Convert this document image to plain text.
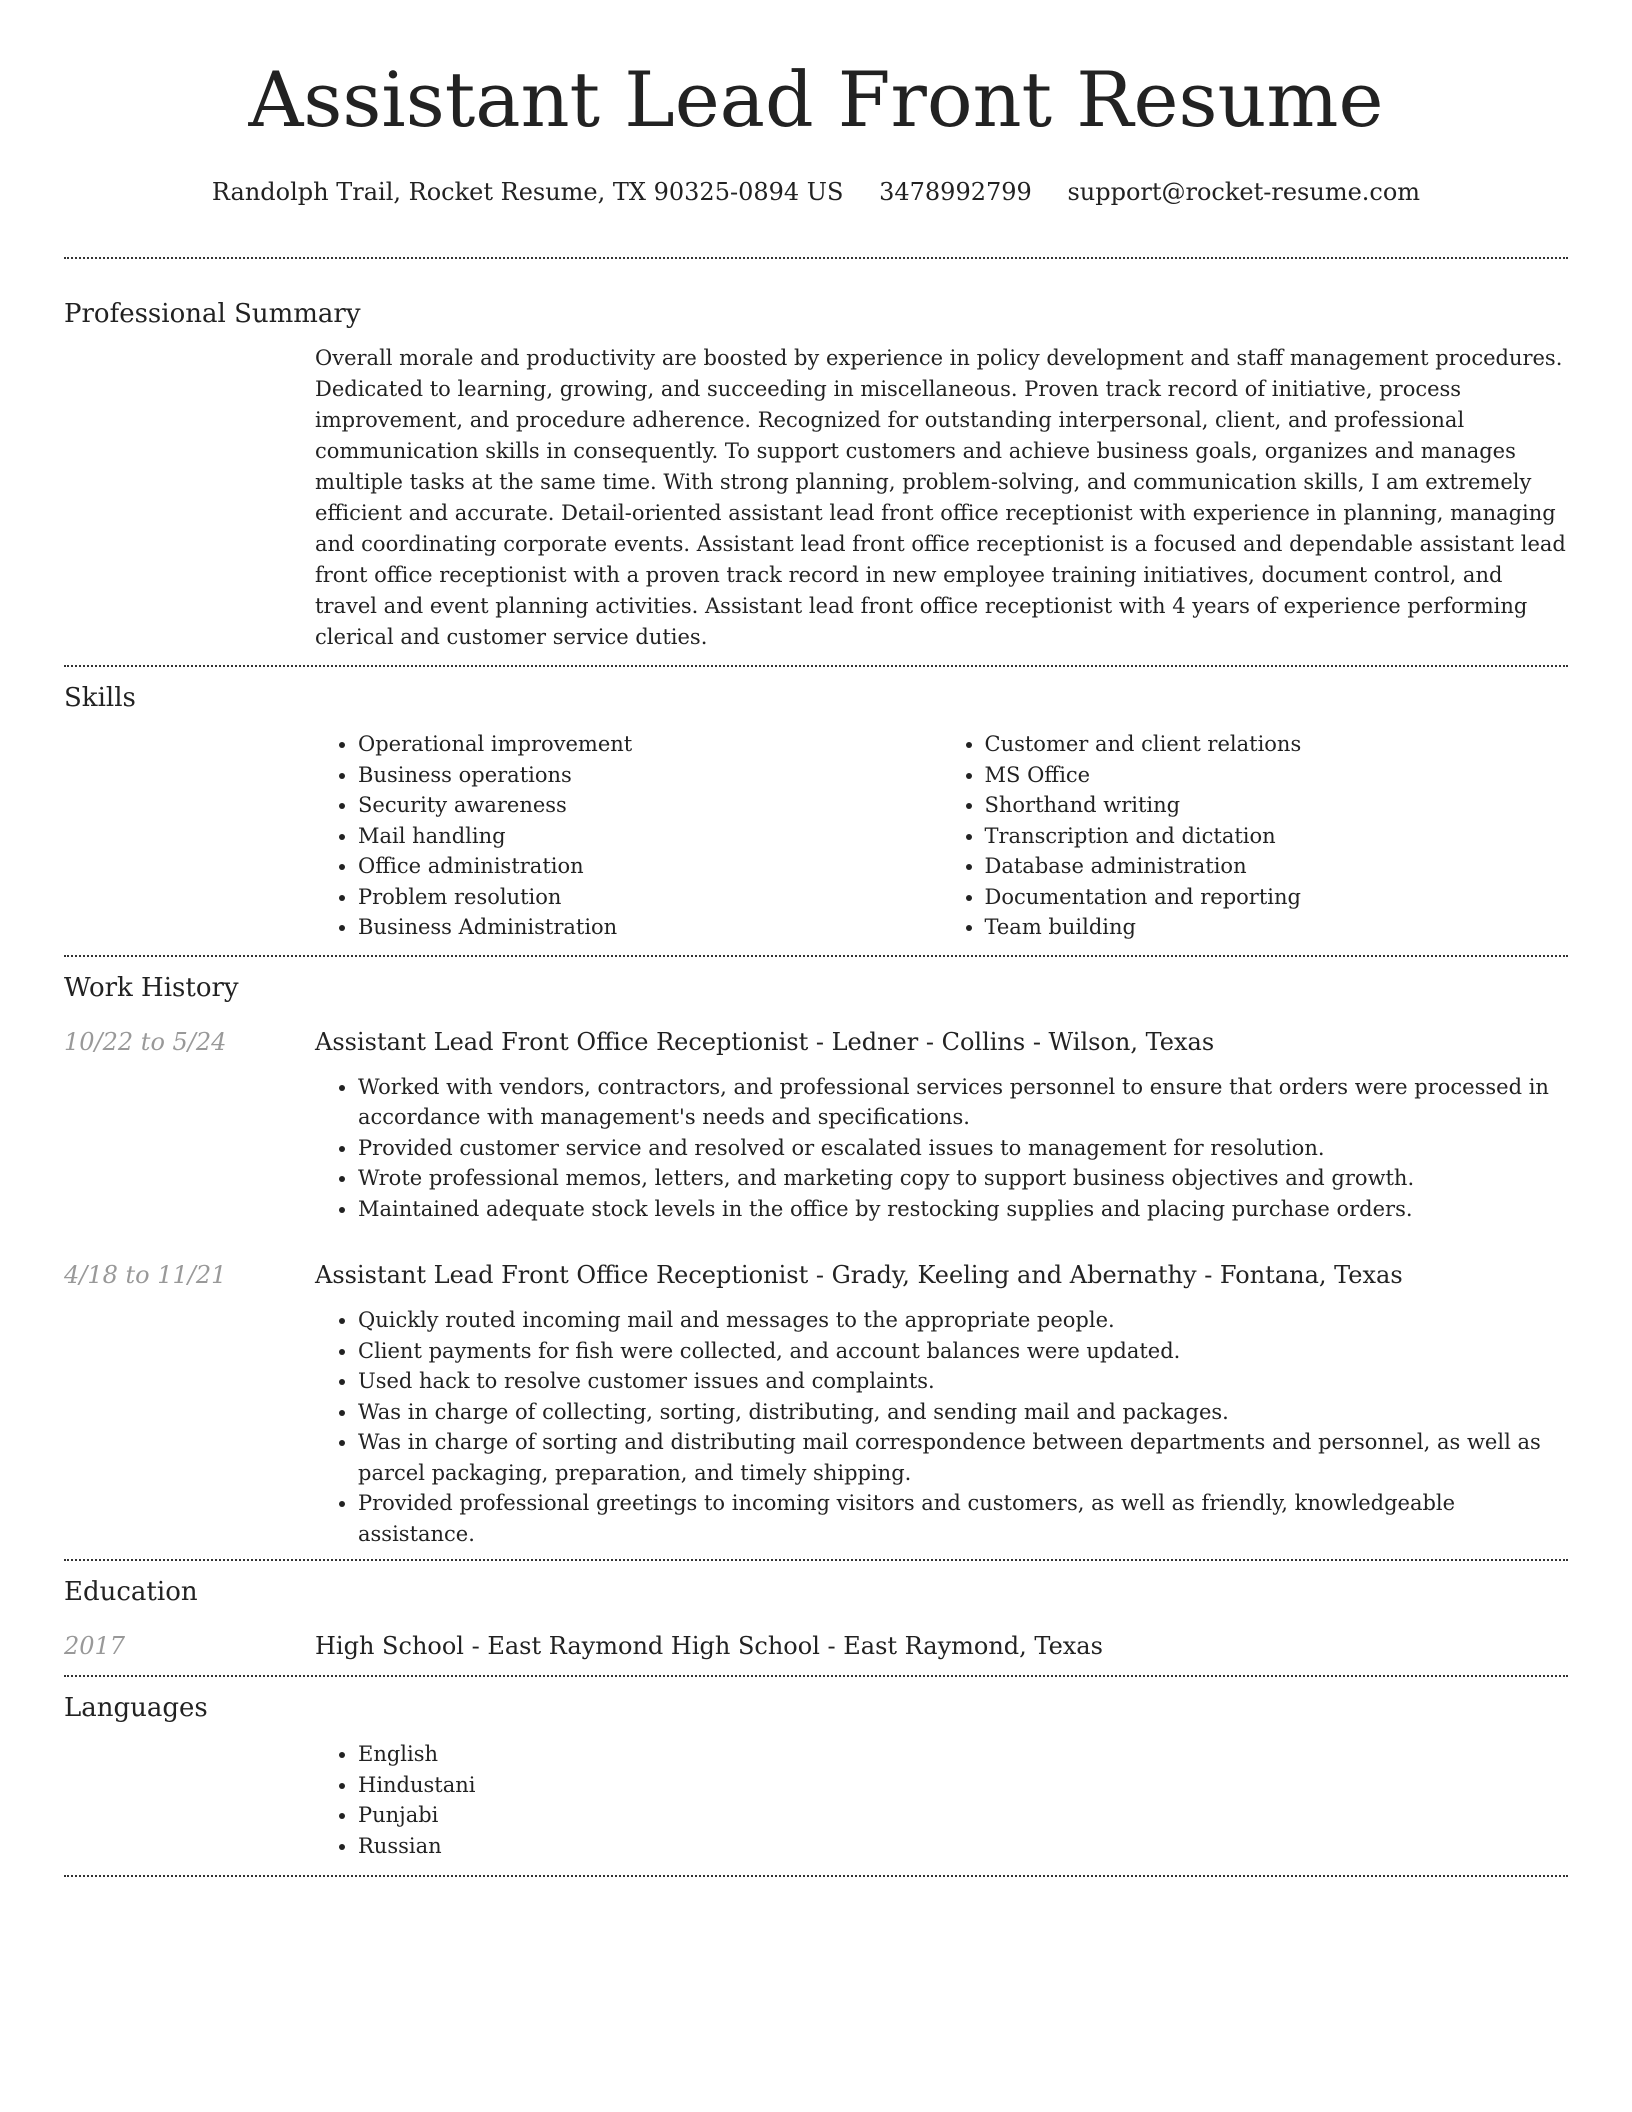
Assistant Lead Front Resume
Randolph Trail, Rocket Resume, TX 90325-0894 US 3478992799 support@rocket-resume.com
Professional Summary

Overall morale and productivity are boosted by experience in policy development and staff management procedures. Dedicated to learning, growing, and succeeding in miscellaneous. Proven track record of initiative, process improvement, and procedure adherence. Recognized for outstanding interpersonal, client, and professional communication skills in consequently. To support customers and achieve business goals, organizes and manages multiple tasks at the same time. With strong planning, problem-solving, and communication skills, I am extremely efficient and accurate. Detail-oriented assistant lead front office receptionist with experience in planning, managing and coordinating corporate events. Assistant lead front office receptionist is a focused and dependable assistant lead front office receptionist with a proven track record in new employee training initiatives, document control, and travel and event planning activities. Assistant lead front office receptionist with 4 years of experience performing clerical and customer service duties.

Skills
• Operational improvement
• Business operations
• Security awareness
• Mail handling
• Office administration
• Problem resolution
• Business Administration
• Customer and client relations
• MS Office
• Shorthand writing
• Transcription and dictation
• Database administration
• Documentation and reporting
• Team building
Work History
10/22 to 5/24	Assistant Lead Front Office Receptionist - Ledner - Collins - Wilson, Texas
• Worked with vendors, contractors, and professional services personnel to ensure that orders were processed in accordance with management's needs and specifications.
• Provided customer service and resolved or escalated issues to management for resolution.
• Wrote professional memos, letters, and marketing copy to support business objectives and growth.
• Maintained adequate stock levels in the office by restocking supplies and placing purchase orders.
4/18 to 11/21	Assistant Lead Front Office Receptionist - Grady, Keeling and Abernathy - Fontana, Texas
• Quickly routed incoming mail and messages to the appropriate people.
• Client payments for fish were collected, and account balances were updated.
• Used hack to resolve customer issues and complaints.
• Was in charge of collecting, sorting, distributing, and sending mail and packages.
• Was in charge of sorting and distributing mail correspondence between departments and personnel, as well as parcel packaging, preparation, and timely shipping.
• Provided professional greetings to incoming visitors and customers, as well as friendly, knowledgeable assistance.
Education
2017	High School - East Raymond High School - East Raymond, Texas
Languages
• English
• Hindustani
• Punjabi
• Russian
